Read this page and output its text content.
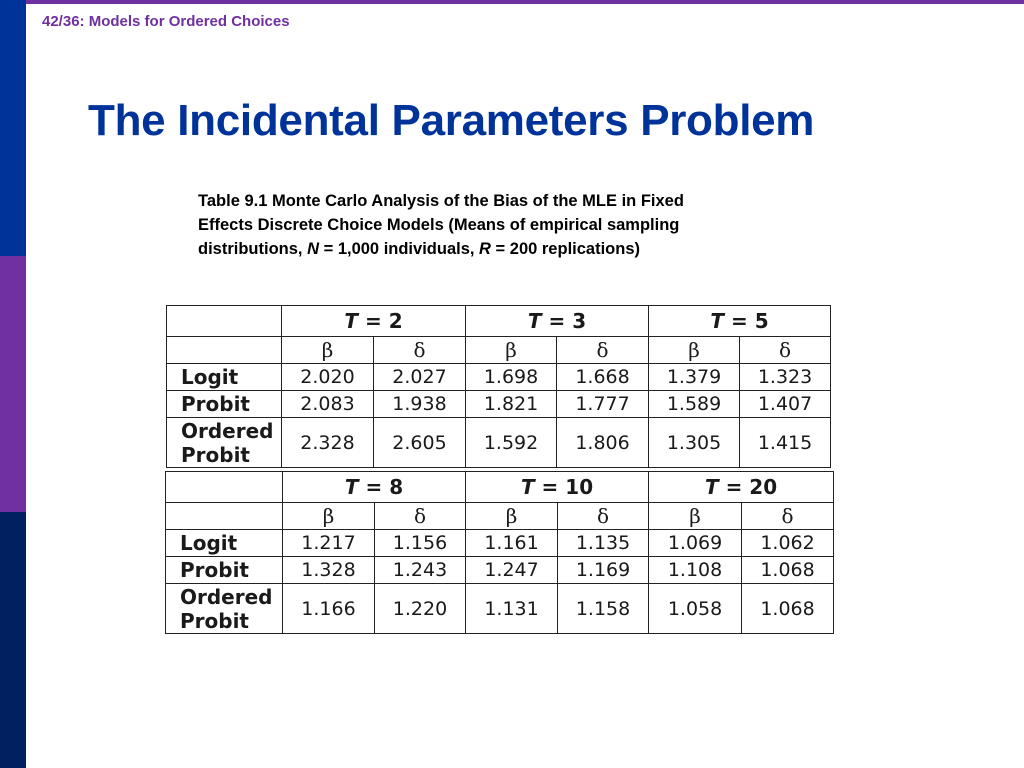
42/36: Models for Ordered Choices
The Incidental Parameters Problem
Table 9.1 Monte Carlo Analysis of the Bias of the MLE in Fixed
Effects Discrete Choice Models (Means of empirical sampling
distributions, N = 1,000 individuals, R = 200 replications)
	T = 2		T = 3		T = 5	
	β	δ	β	δ	β	δ
Logit	2.020	2.027	1.698	1.668	1.379	1.323
Probit	2.083	1.938	1.821	1.777	1.589	1.407

Ordered
Probit	2.328	2.605	1.592	1.806	1.305	1.415
	T = 8		T = 10		T = 20	
	β	δ	β	δ	β	δ
Logit	1.217	1.156	1.161	1.135	1.069	1.062
Probit	1.328	1.243	1.247	1.169	1.108	1.068

Ordered
Probit	1.166	1.220	1.131	1.158	1.058	1.068
